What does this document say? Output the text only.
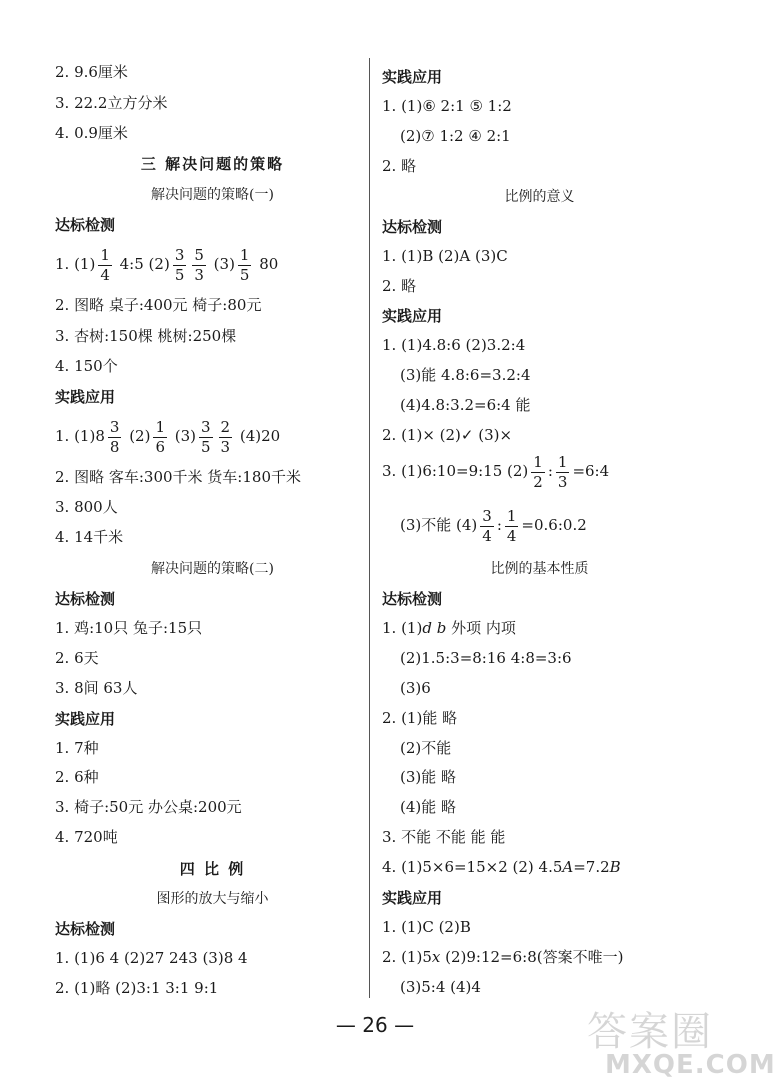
2. 9.6厘米
3. 22.2立方分米
4. 0.9厘米
三 解决问题的策略
解决问题的策略(一)
达标检测
1. $(1) \frac{1}{4}$ 4:5 $(2) \frac{3}{5} \frac{5}{3} (3) \frac{1}{5} 80$
2. 图略 桌子:400元 椅子:80元
3. 杏树:150棵 桃树:250棵
4. 150个
实践应用
1. $(1)8 \frac{3}{8} (2) \frac{1}{6} (3) \frac{3}{5} \frac{2}{3} (4)20$
2. 图略 客车:300千米 货车:180千米
3. 800人
4. 14千米
解决问题的策略(二)
达标检测
1. 鸡:10只 兔子:15只
2. 6天
3. 8间 63人
实践应用
1. 7种
2. 6种
3. 椅子:50元 办公桌:200元
4. 720吨
四 比 例
图形的放大与缩小
达标检测
1. (1)6 4 (2)27 243 (3)8 4
2. (1)略 (2)3:1 3:1 9:1
实践应用
1. (1)⑥ 2:1 ⑤ 1:2
(2)⑦ 1:2 ④ 2:1
2. 略
比例的意义
达标检测
1. (1)B (2)A (3)C
2. 略
实践应用
1. (1)4.8:6 (2)3.2:4
(3)能 4.8:6=3.2:4
(4)4.8:3.2=6:4 能
2. (1)× (2)✓ (3)×
3. (1)6:10=9:15 $(2) \frac{1}{2}$ : $\frac{1}{3}$ =6:4
(3)不能 $(4) \frac{3}{4}$ : $\frac{1}{4}$ =0.6:0.2
比例的基本性质
达标检测
1. (1)d b 外项 内项
(2)1.5:3=8:16 4:8=3:6
(3)6
2. (1)能 略
(2)不能
(3)能 略
(4)能 略
3. 不能 不能 能 能
4. (1)5×6=15×2 (2) 4.5A=7.2B
实践应用
1. (1)C (2)B
2. (1)5x (2)9:12=6:8(答案不唯一)
(3)5:4 (4)4
— 26 —	答案圈
MXQE.COM
